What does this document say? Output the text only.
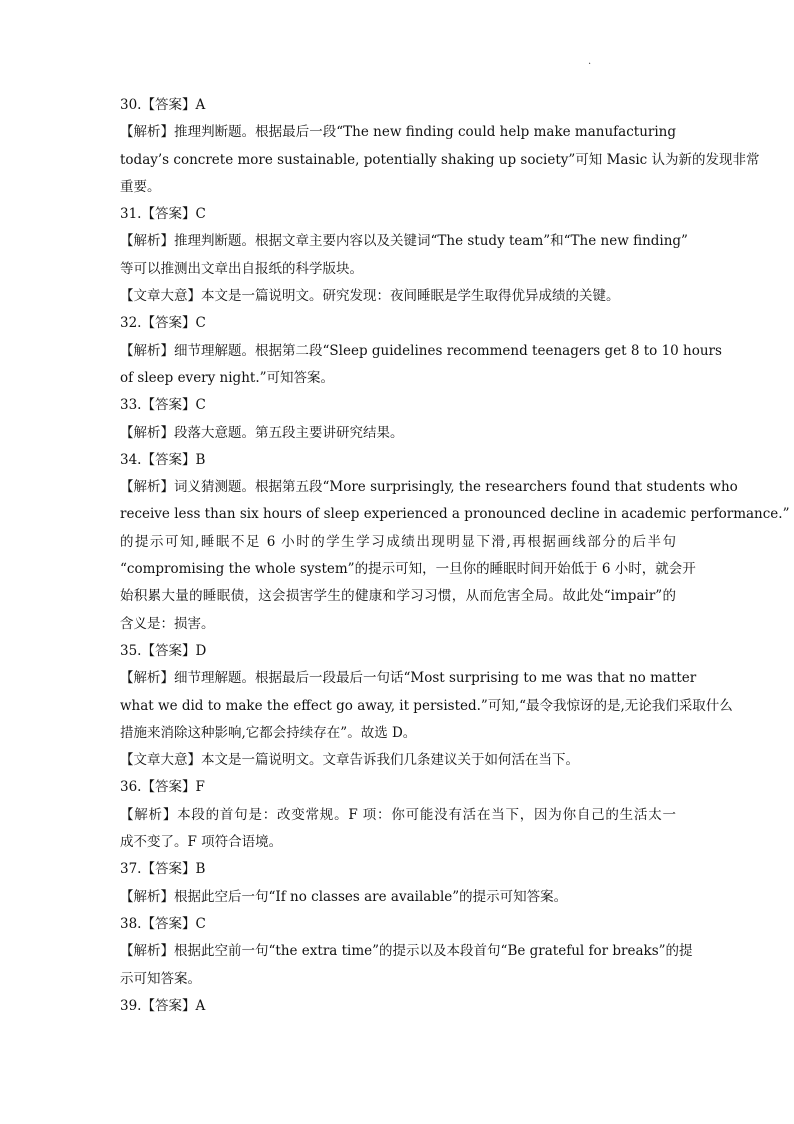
.
30.【答案】A
【解析】推理判断题。根据最后一段“The new finding could help make manufacturing
today’s concrete more sustainable, potentially shaking up society”可知 Masic 认为新的发现非常
重要。
31.【答案】C
【解析】推理判断题。根据文章主要内容以及关键词“The study team”和“The new finding”
等可以推测出文章出自报纸的科学版块。
【文章大意】本文是一篇说明文。研究发现：夜间睡眠是学生取得优异成绩的关键。
32.【答案】C
【解析】细节理解题。根据第二段“Sleep guidelines recommend teenagers get 8 to 10 hours
of sleep every night.”可知答案。
33.【答案】C
【解析】段落大意题。第五段主要讲研究结果。
34.【答案】B
【解析】词义猜测题。根据第五段“More surprisingly, the researchers found that students who
receive less than six hours of sleep experienced a pronounced decline in academic performance.”
的提示可知,睡眠不足 6 小时的学生学习成绩出现明显下滑,再根据画线部分的后半句
“compromising the whole system”的提示可知，一旦你的睡眠时间开始低于 6 小时，就会开
始积累大量的睡眠债，这会损害学生的健康和学习习惯，从而危害全局。故此处“impair”的
含义是：损害。
35.【答案】D
【解析】细节理解题。根据最后一段最后一句话“Most surprising to me was that no matter
what we did to make the effect go away, it persisted.”可知,“最令我惊讶的是,无论我们采取什么
措施来消除这种影响,它都会持续存在”。故选 D。
【文章大意】本文是一篇说明文。文章告诉我们几条建议关于如何活在当下。
36.【答案】F
【解析】本段的首句是：改变常规。F 项：你可能没有活在当下，因为你自己的生活太一
成不变了。F 项符合语境。
37.【答案】B
【解析】根据此空后一句“If no classes are available”的提示可知答案。
38.【答案】C
【解析】根据此空前一句“the extra time”的提示以及本段首句“Be grateful for breaks”的提
示可知答案。
39.【答案】A
